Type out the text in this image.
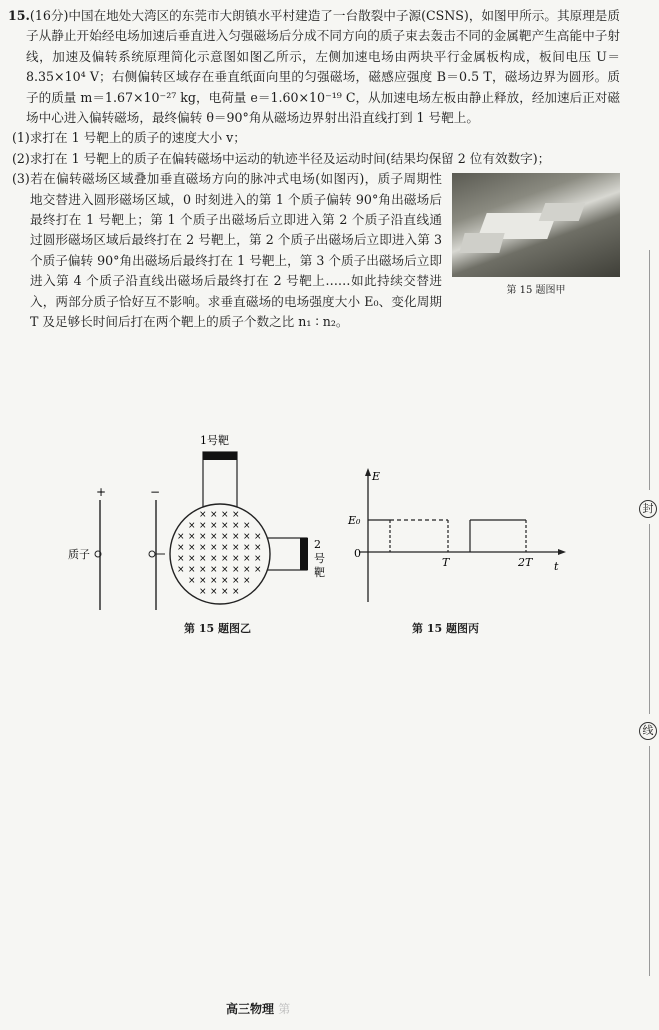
15.(16分)中国在地处大湾区的东莞市大朗镇水平村建造了一台散裂中子源(CSNS)，如图甲所示。其原理是质子从静止开始经电场加速后垂直进入匀强磁场后分成不同方向的质子束去轰击不同的金属靶产生高能中子射线，加速及偏转系统原理简化示意图如图乙所示，左侧加速电场由两块平行金属板构成，板间电压 U＝8.35×10⁴ V；右侧偏转区域存在垂直纸面向里的匀强磁场，磁感应强度 B＝0.5 T，磁场边界为圆形。质子的质量 m＝1.67×10⁻²⁷ kg，电荷量 e＝1.60×10⁻¹⁹ C，从加速电场左板由静止释放，经加速后正对磁场中心进入偏转磁场，最终偏转 θ＝90°角从磁场边界射出沿直线打到 1 号靶上。

(1)求打在 1 号靶上的质子的速度大小 v；

(2)求打在 1 号靶上的质子在偏转磁场中运动的轨迹半径及运动时间(结果均保留 2 位有效数字)；

第 15 题图甲

(3)若在偏转磁场区域叠加垂直磁场方向的脉冲式电场(如图丙)，质子周期性地交替进入圆形磁场区域，0 时刻进入的第 1 个质子偏转 90°角出磁场后最终打在 1 号靶上；第 1 个质子出磁场后立即进入第 2 个质子沿直线通过圆形磁场区域后最终打在 2 号靶上，第 2 个质子出磁场后立即进入第 3 个质子偏转 90°角出磁场后最终打在 1 号靶上，第 3 个质子出磁场后立即进入第 4 个质子沿直线出磁场后最终打在 2 号靶上……如此持续交替进入，两部分质子恰好互不影响。求垂直磁场的电场强度大小 E₀、变化周期 T 及足够长时间后打在两个靶上的质子个数之比 n₁ ∶ n₂。

+	−
质子
1号靶
2
号
靶
× × × ×
× × × × × ×
× × × × × × × ×
× × × × × × × ×
× × × × × × × ×
× × × × × × × ×
× × × × × ×
× × × ×
第 15 题图乙
E
t
E₀
0
T	2T
第 15 题图丙
封
线
高三物理 第
